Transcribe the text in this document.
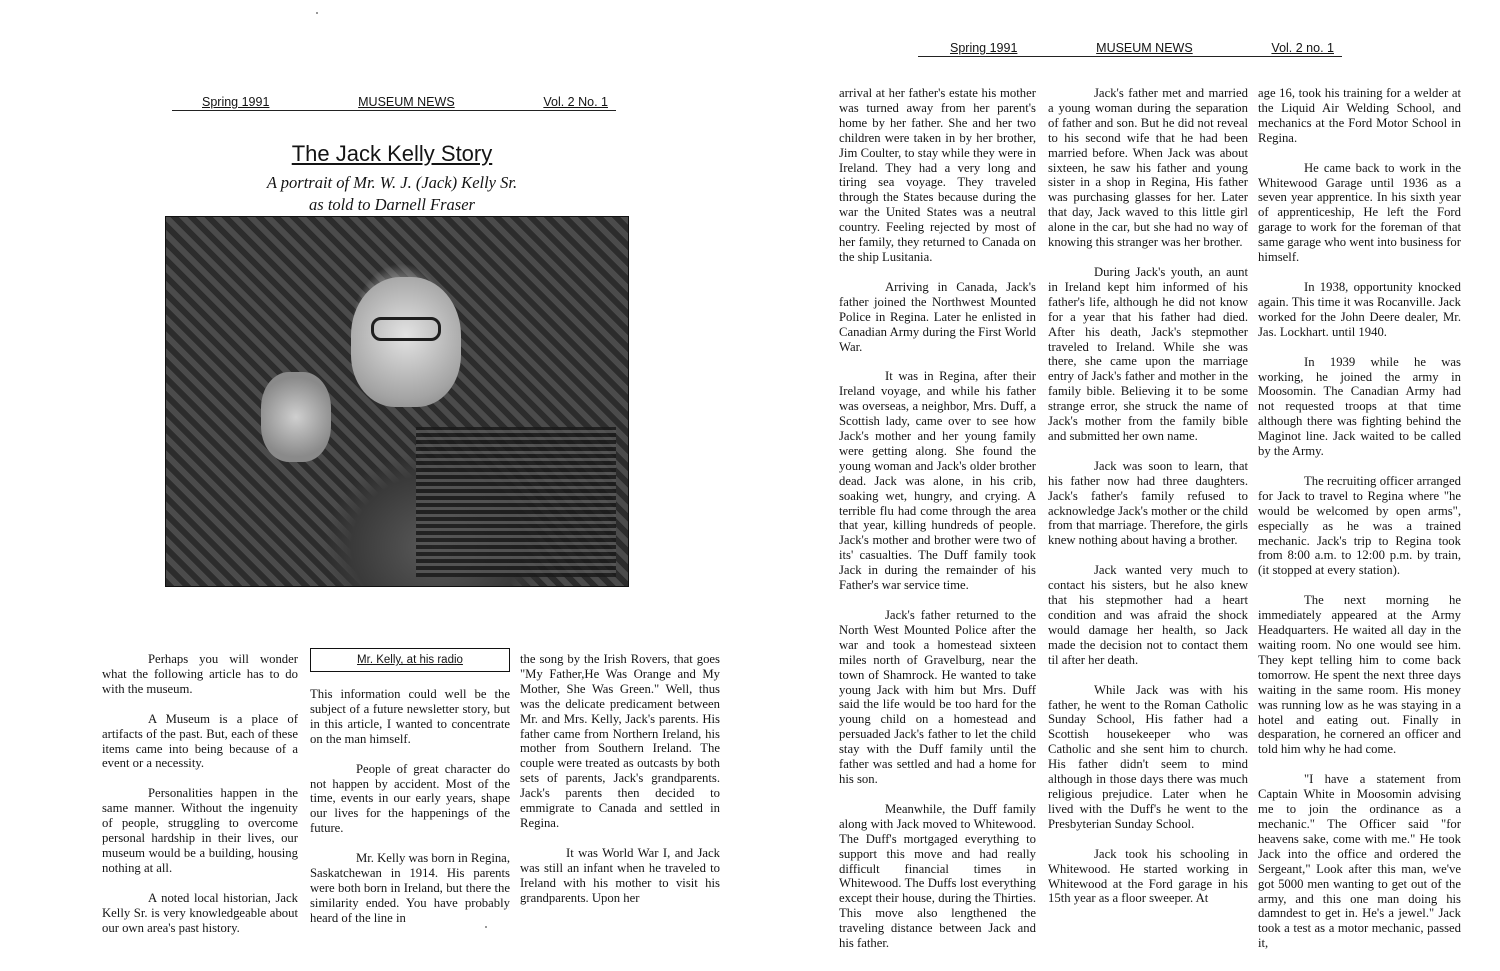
Spring 1991	MUSEUM NEWS	Vol. 2 No. 1
The Jack Kelly Story
A portrait of Mr. W. J. (Jack) Kelly Sr.
as told to Darnell Fraser

Perhaps you will wonder what the following article has to do with the museum.

A Museum is a place of artifacts of the past. But, each of these items came into being because of a event or a necessity.

Personalities happen in the same manner. Without the ingenuity of people, struggling to overcome personal hardship in their lives, our museum would be a building, housing nothing at all.

A noted local historian, Jack Kelly Sr. is very knowledgeable about our own area's past history.

Mr. Kelly, at his radio

This information could well be the subject of a future newsletter story, but in this article, I wanted to concentrate on the man himself.

People of great character do not happen by accident. Most of the time, events in our early years, shape our lives for the happenings of the future.

Mr. Kelly was born in Regina, Saskatchewan in 1914. His parents were both born in Ireland, but there the similarity ended. You have probably heard of the line in

the song by the Irish Rovers, that goes "My Father,He Was Orange and My Mother, She Was Green." Well, thus was the delicate predicament between Mr. and Mrs. Kelly, Jack's parents. His father came from Northern Ireland, his mother from Southern Ireland. The couple were treated as outcasts by both sets of parents, Jack's grandparents. Jack's parents then decided to emmigrate to Canada and settled in Regina.

It was World War I, and Jack was still an infant when he traveled to Ireland with his mother to visit his grandparents. Upon her

Spring 1991	MUSEUM NEWS	Vol. 2 no. 1

arrival at her father's estate his mother was turned away from her parent's home by her father. She and her two children were taken in by her brother, Jim Coulter, to stay while they were in Ireland. They had a very long and tiring sea voyage. They traveled through the States because during the war the United States was a neutral country. Feeling rejected by most of her family, they returned to Canada on the ship Lusitania.

Arriving in Canada, Jack's father joined the Northwest Mounted Police in Regina. Later he enlisted in Canadian Army during the First World War.

It was in Regina, after their Ireland voyage, and while his father was overseas, a neighbor, Mrs. Duff, a Scottish lady, came over to see how Jack's mother and her young family were getting along. She found the young woman and Jack's older brother dead. Jack was alone, in his crib, soaking wet, hungry, and crying. A terrible flu had come through the area that year, killing hundreds of people. Jack's mother and brother were two of its' casualties. The Duff family took Jack in during the remainder of his Father's war service time.

Jack's father returned to the North West Mounted Police after the war and took a homestead sixteen miles north of Gravelburg, near the town of Shamrock. He wanted to take young Jack with him but Mrs. Duff said the life would be too hard for the young child on a homestead and persuaded Jack's father to let the child stay with the Duff family until the father was settled and had a home for his son.

Meanwhile, the Duff family along with Jack moved to Whitewood. The Duff's mortgaged everything to support this move and had really difficult financial times in Whitewood. The Duffs lost everything except their house, during the Thirties. This move also lengthened the traveling distance between Jack and his father.

Jack's father met and married a young woman during the separation of father and son. But he did not reveal to his second wife that he had been married before. When Jack was about sixteen, he saw his father and young sister in a shop in Regina, His father was purchasing glasses for her. Later that day, Jack waved to this little girl alone in the car, but she had no way of knowing this stranger was her brother.

During Jack's youth, an aunt in Ireland kept him informed of his father's life, although he did not know for a year that his father had died. After his death, Jack's stepmother traveled to Ireland. While she was there, she came upon the marriage entry of Jack's father and mother in the family bible. Believing it to be some strange error, she struck the name of Jack's mother from the family bible and submitted her own name.

Jack was soon to learn, that his father now had three daughters. Jack's father's family refused to acknowledge Jack's mother or the child from that marriage. Therefore, the girls knew nothing about having a brother.

Jack wanted very much to contact his sisters, but he also knew that his stepmother had a heart condition and was afraid the shock would damage her health, so Jack made the decision not to contact them til after her death.

While Jack was with his father, he went to the Roman Catholic Sunday School, His father had a Scottish housekeeper who was Catholic and she sent him to church. His father didn't seem to mind although in those days there was much religious prejudice. Later when he lived with the Duff's he went to the Presbyterian Sunday School.

Jack took his schooling in Whitewood. He started working in Whitewood at the Ford garage in his 15th year as a floor sweeper. At

age 16, took his training for a welder at the Liquid Air Welding School, and mechanics at the Ford Motor School in Regina.

He came back to work in the Whitewood Garage until 1936 as a seven year apprentice. In his sixth year of apprenticeship, He left the Ford garage to work for the foreman of that same garage who went into business for himself.

In 1938, opportunity knocked again. This time it was Rocanville. Jack worked for the John Deere dealer, Mr. Jas. Lockhart. until 1940.

In 1939 while he was working, he joined the army in Moosomin. The Canadian Army had not requested troops at that time although there was fighting behind the Maginot line. Jack waited to be called by the Army.

The recruiting officer arranged for Jack to travel to Regina where "he would be welcomed by open arms", especially as he was a trained mechanic. Jack's trip to Regina took from 8:00 a.m. to 12:00 p.m. by train, (it stopped at every station).

The next morning he immediately appeared at the Army Headquarters. He waited all day in the waiting room. No one would see him. They kept telling him to come back tomorrow. He spent the next three days waiting in the same room. His money was running low as he was staying in a hotel and eating out. Finally in desparation, he cornered an officer and told him why he had come.

"I have a statement from Captain White in Moosomin advising me to join the ordinance as a mechanic." The Officer said "for heavens sake, come with me." He took Jack into the office and ordered the Sergeant," Look after this man, we've got 5000 men wanting to get out of the army, and this one man doing his damndest to get in. He's a jewel." Jack took a test as a motor mechanic, passed it,
